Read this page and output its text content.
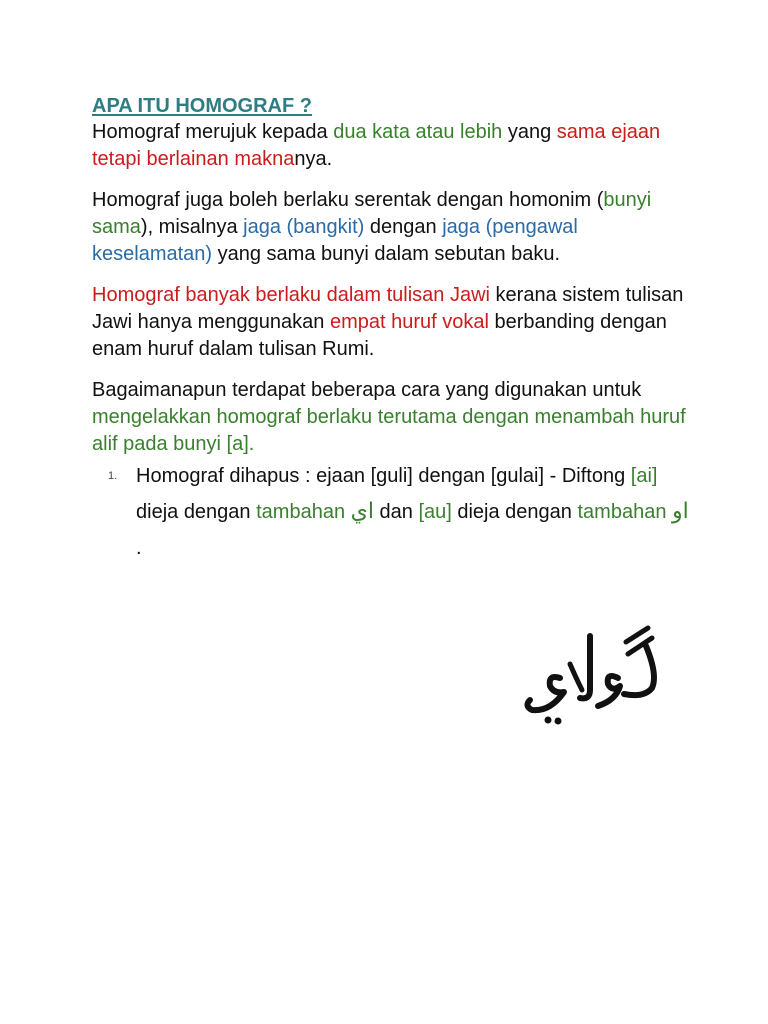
APA ITU HOMOGRAF ?

Homograf merujuk kepada dua kata atau lebih yang sama ejaan tetapi berlainan maknanya.

Homograf juga boleh berlaku serentak dengan homonim (bunyi sama), misalnya jaga (bangkit) dengan jaga (pengawal keselamatan) yang sama bunyi dalam sebutan baku.

Homograf banyak berlaku dalam tulisan Jawi kerana sistem tulisan Jawi hanya menggunakan empat huruf vokal berbanding dengan enam huruf dalam tulisan Rumi.

Bagaimanapun terdapat beberapa cara yang digunakan untuk mengelakkan homograf berlaku terutama dengan menambah huruf alif pada bunyi [a].

1. Homograf dihapus : ejaan [guli] dengan [gulai] - Diftong [ai] dieja dengan tambahan اي dan [au] dieja dengan tambahan او .
ڬولاي
